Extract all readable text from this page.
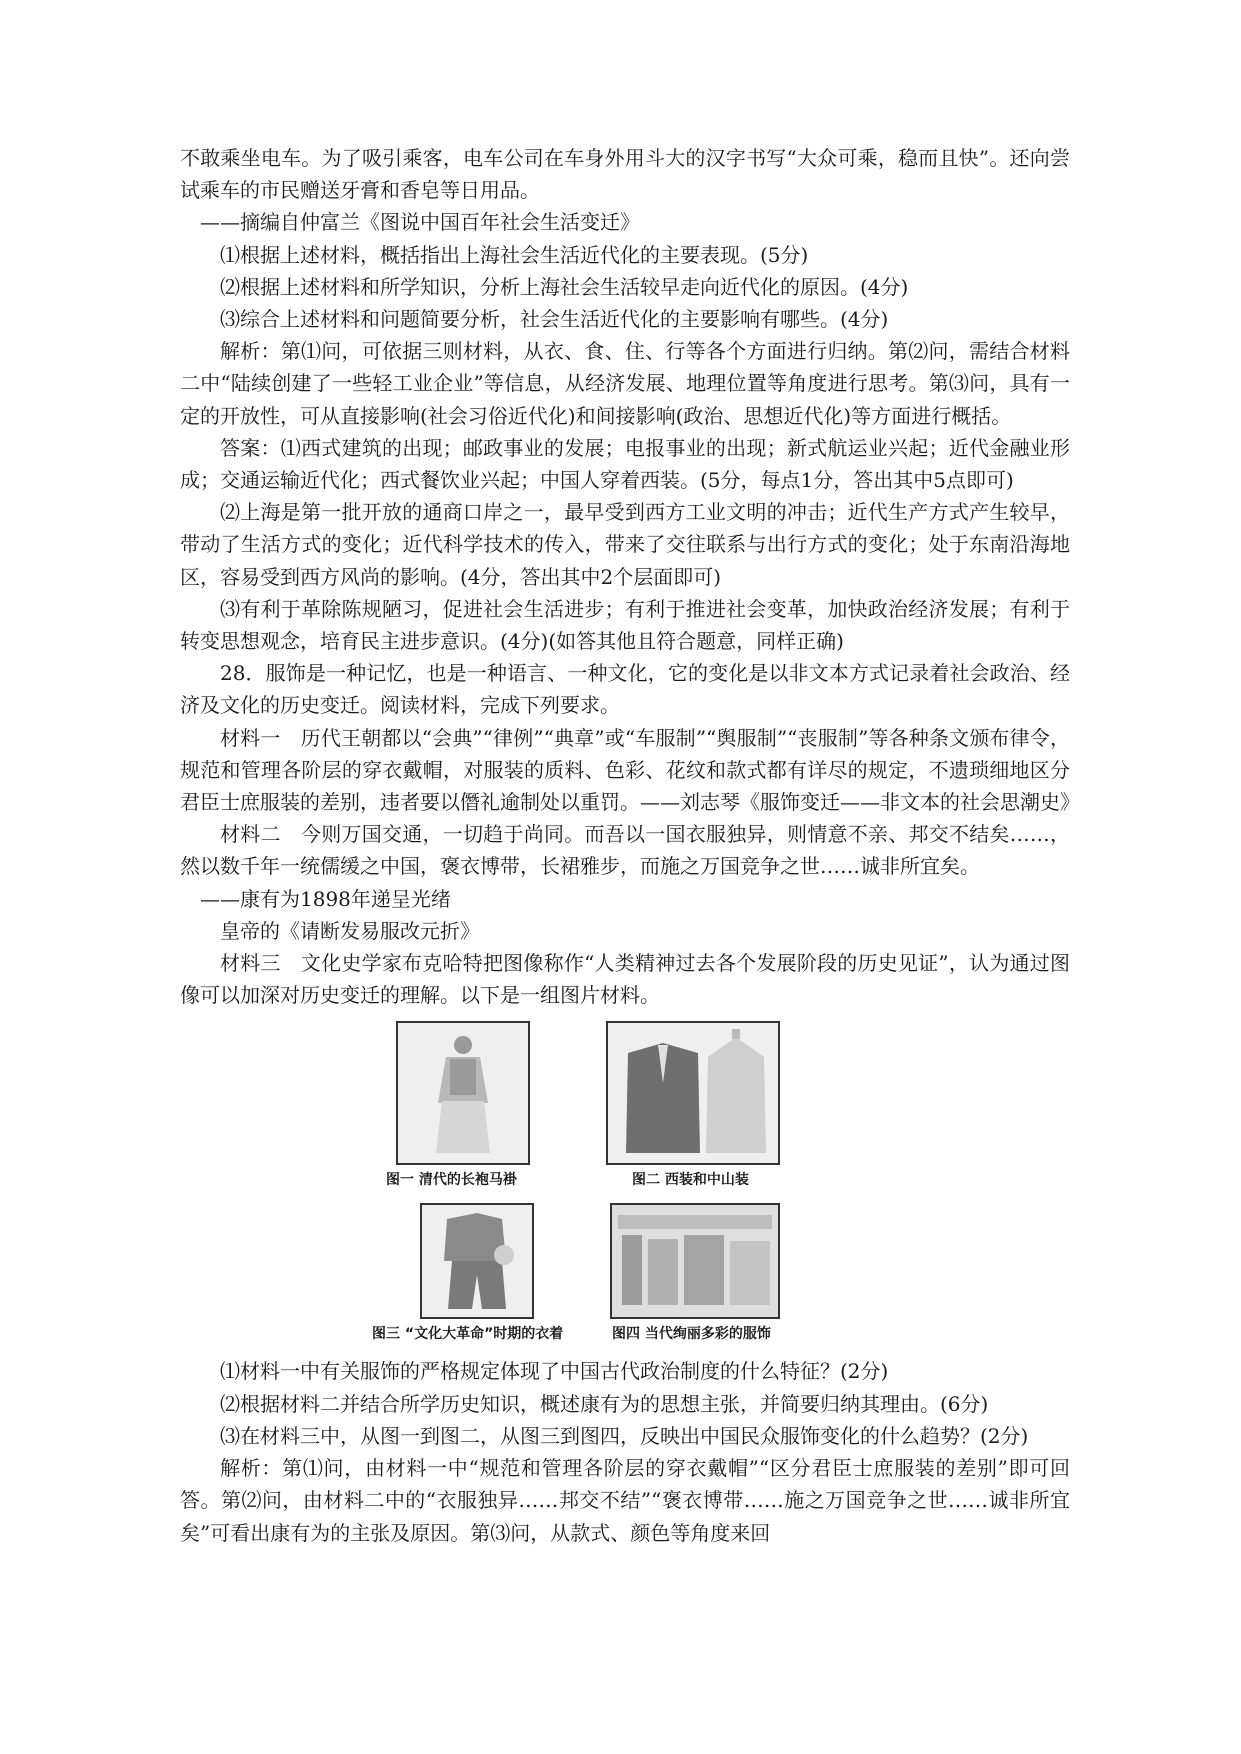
不敢乘坐电车。为了吸引乘客，电车公司在车身外用斗大的汉字书写“大众可乘，稳而且快”。还向尝试乘车的市民赠送牙膏和香皂等日用品。

——摘编自仲富兰《图说中国百年社会生活变迁》

⑴根据上述材料，概括指出上海社会生活近代化的主要表现。(5分)

⑵根据上述材料和所学知识，分析上海社会生活较早走向近代化的原因。(4分)

⑶综合上述材料和问题简要分析，社会生活近代化的主要影响有哪些。(4分)

解析：第⑴问，可依据三则材料，从衣、食、住、行等各个方面进行归纳。第⑵问，需结合材料二中“陆续创建了一些轻工业企业”等信息，从经济发展、地理位置等角度进行思考。第⑶问，具有一定的开放性，可从直接影响(社会习俗近代化)和间接影响(政治、思想近代化)等方面进行概括。

答案：⑴西式建筑的出现；邮政事业的发展；电报事业的出现；新式航运业兴起；近代金融业形成；交通运输近代化；西式餐饮业兴起；中国人穿着西装。(5分，每点1分，答出其中5点即可)

⑵上海是第一批开放的通商口岸之一，最早受到西方工业文明的冲击；近代生产方式产生较早，带动了生活方式的变化；近代科学技术的传入，带来了交往联系与出行方式的变化；处于东南沿海地区，容易受到西方风尚的影响。(4分，答出其中2个层面即可)

⑶有利于革除陈规陋习，促进社会生活进步；有利于推进社会变革，加快政治经济发展；有利于转变思想观念，培育民主进步意识。(4分)(如答其他且符合题意，同样正确)

28．服饰是一种记忆，也是一种语言、一种文化，它的变化是以非文本方式记录着社会政治、经济及文化的历史变迁。阅读材料，完成下列要求。

材料一　历代王朝都以“会典”“律例”“典章”或“车服制”“舆服制”“丧服制”等各种条文颁布律令，规范和管理各阶层的穿衣戴帽，对服装的质料、色彩、花纹和款式都有详尽的规定，不遗琐细地区分君臣士庶服装的差别，违者要以僭礼逾制处以重罚。——刘志琴《服饰变迁——非文本的社会思潮史》

材料二　今则万国交通，一切趋于尚同。而吾以一国衣服独异，则情意不亲、邦交不结矣……，然以数千年一统儒缓之中国，褒衣博带，长裙雅步，而施之万国竞争之世……诚非所宜矣。

——康有为1898年递呈光绪

皇帝的《请断发易服改元折》

材料三　文化史学家布克哈特把图像称作“人类精神过去各个发展阶段的历史见证”，认为通过图像可以加深对历史变迁的理解。以下是一组图片材料。

图一 清代的长袍马褂	图二 西装和中山装
图三 “文化大革命”时期的衣着	图四 当代绚丽多彩的服饰

⑴材料一中有关服饰的严格规定体现了中国古代政治制度的什么特征？(2分)

⑵根据材料二并结合所学历史知识，概述康有为的思想主张，并简要归纳其理由。(6分)

⑶在材料三中，从图一到图二，从图三到图四，反映出中国民众服饰变化的什么趋势？(2分)

解析：第⑴问，由材料一中“规范和管理各阶层的穿衣戴帽”“区分君臣士庶服装的差别”即可回答。第⑵问，由材料二中的“衣服独异……邦交不结”“褒衣博带……施之万国竞争之世……诚非所宜矣”可看出康有为的主张及原因。第⑶问，从款式、颜色等角度来回
